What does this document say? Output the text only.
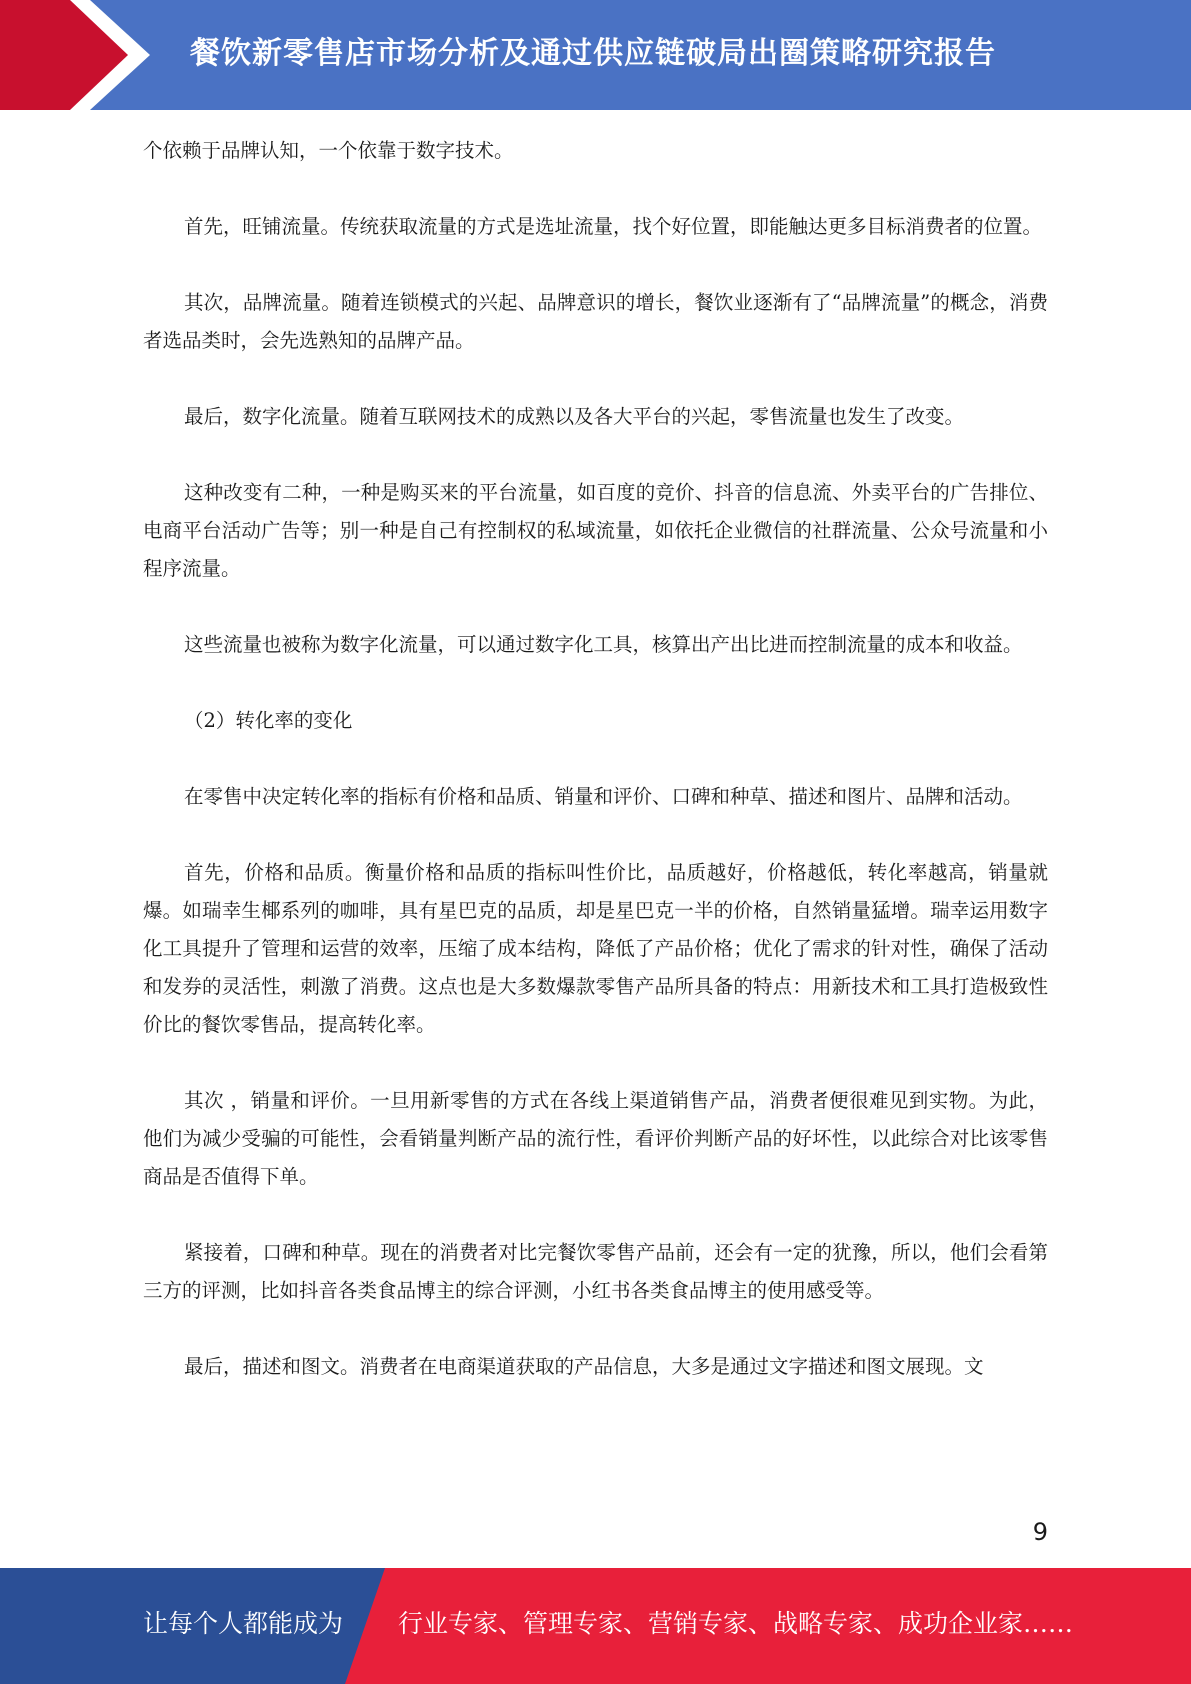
餐饮新零售店市场分析及通过供应链破局出圈策略研究报告

个依赖于品牌认知，一个依靠于数字技术。

首先，旺铺流量。传统获取流量的方式是选址流量，找个好位置，即能触达更多目标消费者的位置。

其次，品牌流量。随着连锁模式的兴起、品牌意识的增长，餐饮业逐渐有了“品牌流量”的概念，消费者选品类时，会先选熟知的品牌产品。

最后，数字化流量。随着互联网技术的成熟以及各大平台的兴起，零售流量也发生了改变。

这种改变有二种，一种是购买来的平台流量，如百度的竞价、抖音的信息流、外卖平台的广告排位、电商平台活动广告等；别一种是自己有控制权的私域流量，如依托企业微信的社群流量、公众号流量和小程序流量。

这些流量也被称为数字化流量，可以通过数字化工具，核算出产出比进而控制流量的成本和收益。

（2）转化率的变化

在零售中决定转化率的指标有价格和品质、销量和评价、口碑和种草、描述和图片、品牌和活动。

首先，价格和品质。衡量价格和品质的指标叫性价比，品质越好，价格越低，转化率越高，销量就爆。如瑞幸生椰系列的咖啡，具有星巴克的品质，却是星巴克一半的价格，自然销量猛增。瑞幸运用数字化工具提升了管理和运营的效率，压缩了成本结构，降低了产品价格；优化了需求的针对性，确保了活动和发券的灵活性，刺激了消费。这点也是大多数爆款零售产品所具备的特点：用新技术和工具打造极致性价比的餐饮零售品，提高转化率。

其次 ，销量和评价。一旦用新零售的方式在各线上渠道销售产品，消费者便很难见到实物。为此，他们为减少受骗的可能性，会看销量判断产品的流行性，看评价判断产品的好坏性，以此综合对比该零售商品是否值得下单。

紧接着，口碑和种草。现在的消费者对比完餐饮零售产品前，还会有一定的犹豫，所以，他们会看第三方的评测，比如抖音各类食品博主的综合评测，小红书各类食品博主的使用感受等。

最后，描述和图文。消费者在电商渠道获取的产品信息，大多是通过文字描述和图文展现。文

9
让每个人都能成为 行业专家、管理专家、营销专家、战略专家、成功企业家……
